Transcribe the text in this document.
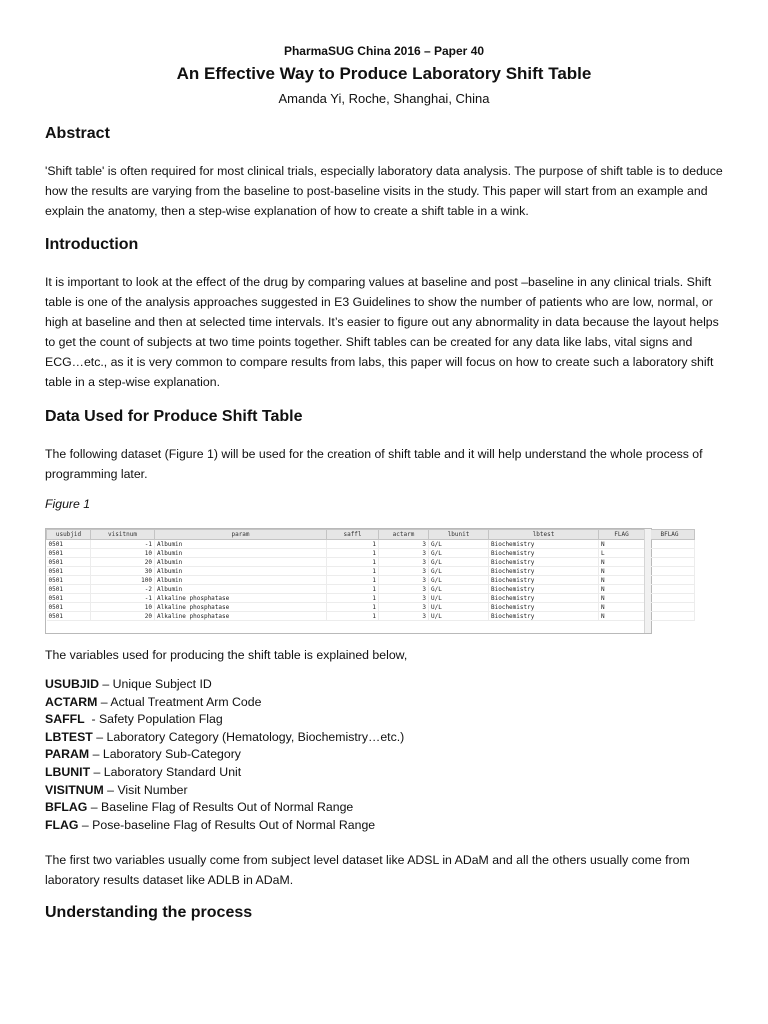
PharmaSUG China 2016 – Paper 40
An Effective Way to Produce Laboratory Shift Table
Amanda Yi, Roche, Shanghai, China
Abstract

'Shift table' is often required for most clinical trials, especially laboratory data analysis. The purpose of shift table is to deduce how the results are varying from the baseline to post-baseline visits in the study. This paper will start from an example and explain the anatomy, then a step-wise explanation of how to create a shift table in a wink.

Introduction

It is important to look at the effect of the drug by comparing values at baseline and post –baseline in any clinical trials. Shift table is one of the analysis approaches suggested in E3 Guidelines to show the number of patients who are low, normal, or high at baseline and then at selected time intervals. It’s easier to figure out any abnormality in data because the layout helps to get the count of subjects at two time points together. Shift tables can be created for any data like labs, vital signs and ECG…etc., as it is very common to compare results from labs, this paper will focus on how to create such a laboratory shift table in a step-wise explanation.

Data Used for Produce Shift Table

The following dataset (Figure 1) will be used for the creation of shift table and it will help understand the whole process of programming later.

Figure 1
usubjid	visitnum	param	saffl	actarm	lbunit	lbtest	FLAG	BFLAG
0501	-1	Albumin	1	3	G/L	Biochemistry	N	
0501	10	Albumin	1	3	G/L	Biochemistry	L	
0501	20	Albumin	1	3	G/L	Biochemistry	N	
0501	30	Albumin	1	3	G/L	Biochemistry	N	
0501	100	Albumin	1	3	G/L	Biochemistry	N	
0501	-2	Albumin	1	3	G/L	Biochemistry	N	
0501	-1	Alkaline phosphatase	1	3	U/L	Biochemistry	N	
0501	10	Alkaline phosphatase	1	3	U/L	Biochemistry	N	
0501	20	Alkaline phosphatase	1	3	U/L	Biochemistry	N	

The variables used for producing the shift table is explained below,

USUBJID – Unique Subject ID
ACTARM – Actual Treatment Arm Code
SAFFL  - Safety Population Flag
LBTEST – Laboratory Category (Hematology, Biochemistry…etc.)
PARAM – Laboratory Sub-Category
LBUNIT – Laboratory Standard Unit
VISITNUM – Visit Number
BFLAG – Baseline Flag of Results Out of Normal Range
FLAG – Pose-baseline Flag of Results Out of Normal Range

The first two variables usually come from subject level dataset like ADSL in ADaM and all the others usually come from laboratory results dataset like ADLB in ADaM.

Understanding the process
